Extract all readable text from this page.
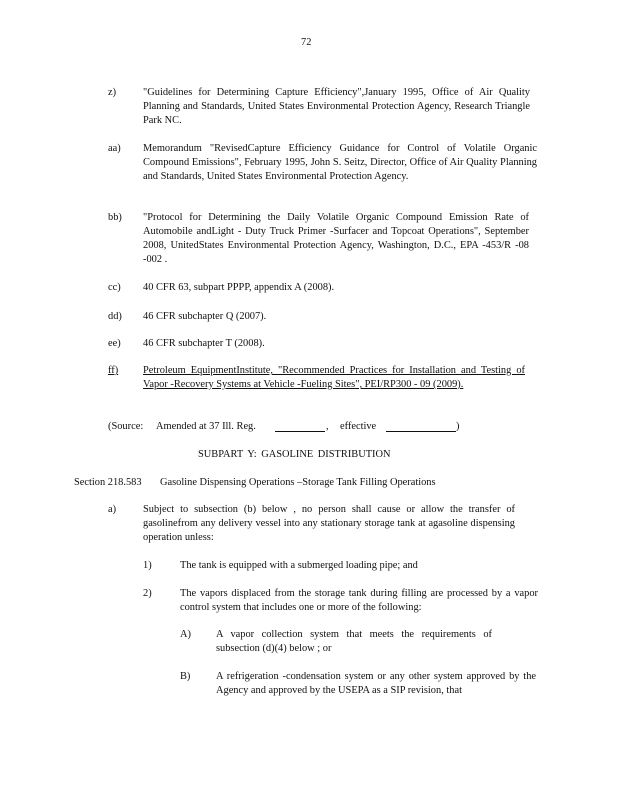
72
z)	"Guidelines for Determining Capture Efficiency",January 1995, Office of Air Quality Planning and Standards, United States Environmental Protection Agency, Research Triangle Park NC.
aa) Memorandum "RevisedCapture Efficiency Guidance for Control of Volatile Organic Compound Emissions", February 1995, John S. Seitz, Director, Office of Air Quality Planning and Standards, United States Environmental Protection Agency.
bb) "Protocol for Determining the Daily Volatile Organic Compound Emission Rate of Automobile andLight - Duty Truck Primer -Surfacer and Topcoat Operations", September 2008, UnitedStates Environmental Protection Agency, Washington, D.C., EPA -453/R -08 -002 .
cc) 40 CFR 63, subpart PPPP, appendix A (2008).
dd) 46 CFR subchapter Q (2007).
ee) 46 CFR subchapter T (2008).
ff) Petroleum EquipmentInstitute, "Recommended Practices for Installation and Testing of Vapor -Recovery Systems at Vehicle -Fueling Sites", PEI/RP300 - 09 (2009).
(Source: Amended at 37 Ill. Reg.	, effective	)
SUBPART Y: GASOLINE DISTRIBUTION
Section 218.583 Gasoline Dispensing Operations –Storage Tank Filling Operations
a)	Subject to subsection (b) below , no person shall cause or allow the transfer of gasolinefrom any delivery vessel into any stationary storage tank at agasoline dispensing operation unless:
1)	The tank is equipped with a submerged loading pipe; and
2)	The vapors displaced from the storage tank during filling are processed by a vapor control system that includes one or more of the following:
A) A vapor collection system that meets the requirements of subsection (d)(4) below ; or
B) A refrigeration -condensation system or any other system approved by the Agency and approved by the USEPA as a SIP revision, that
